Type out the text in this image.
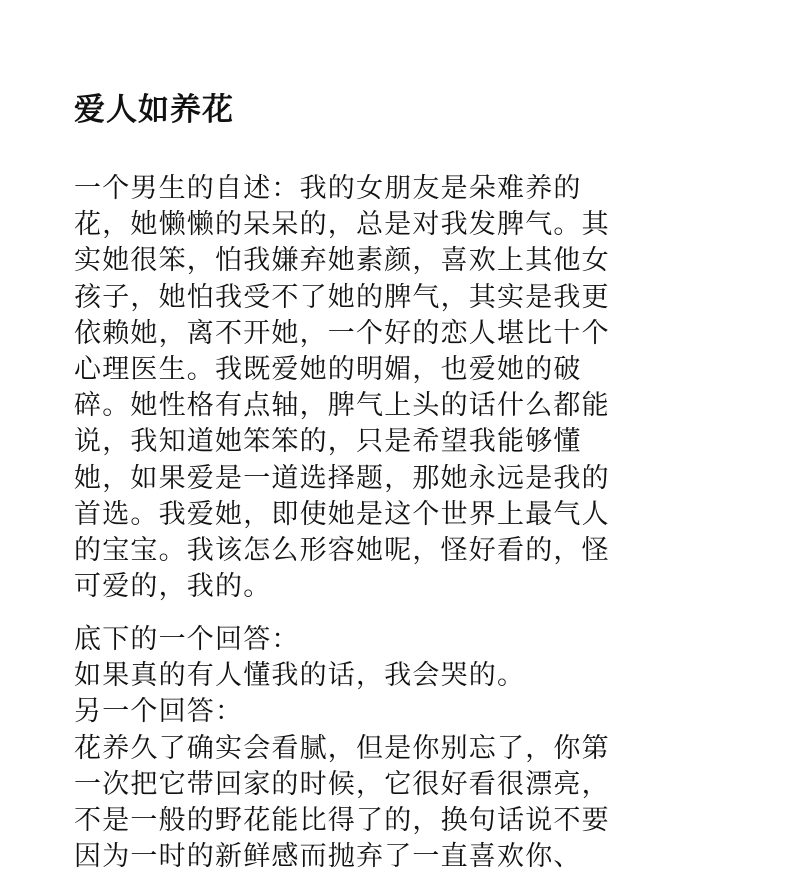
爱人如养花
一个男生的自述：我的女朋友是朵难养的
花，她懒懒的呆呆的，总是对我发脾气。其
实她很笨，怕我嫌弃她素颜，喜欢上其他女
孩子，她怕我受不了她的脾气，其实是我更
依赖她，离不开她，一个好的恋人堪比十个
心理医生。我既爱她的明媚，也爱她的破
碎。她性格有点轴，脾气上头的话什么都能
说，我知道她笨笨的，只是希望我能够懂
她，如果爱是一道选择题，那她永远是我的
首选。我爱她，即使她是这个世界上最气人
的宝宝。我该怎么形容她呢，怪好看的，怪
可爱的，我的。
底下的一个回答：
如果真的有人懂我的话，我会哭的。
另一个回答：
花养久了确实会看腻，但是你别忘了，你第
一次把它带回家的时候，它很好看很漂亮，
不是一般的野花能比得了的，换句话说不要
因为一时的新鲜感而抛弃了一直喜欢你、
